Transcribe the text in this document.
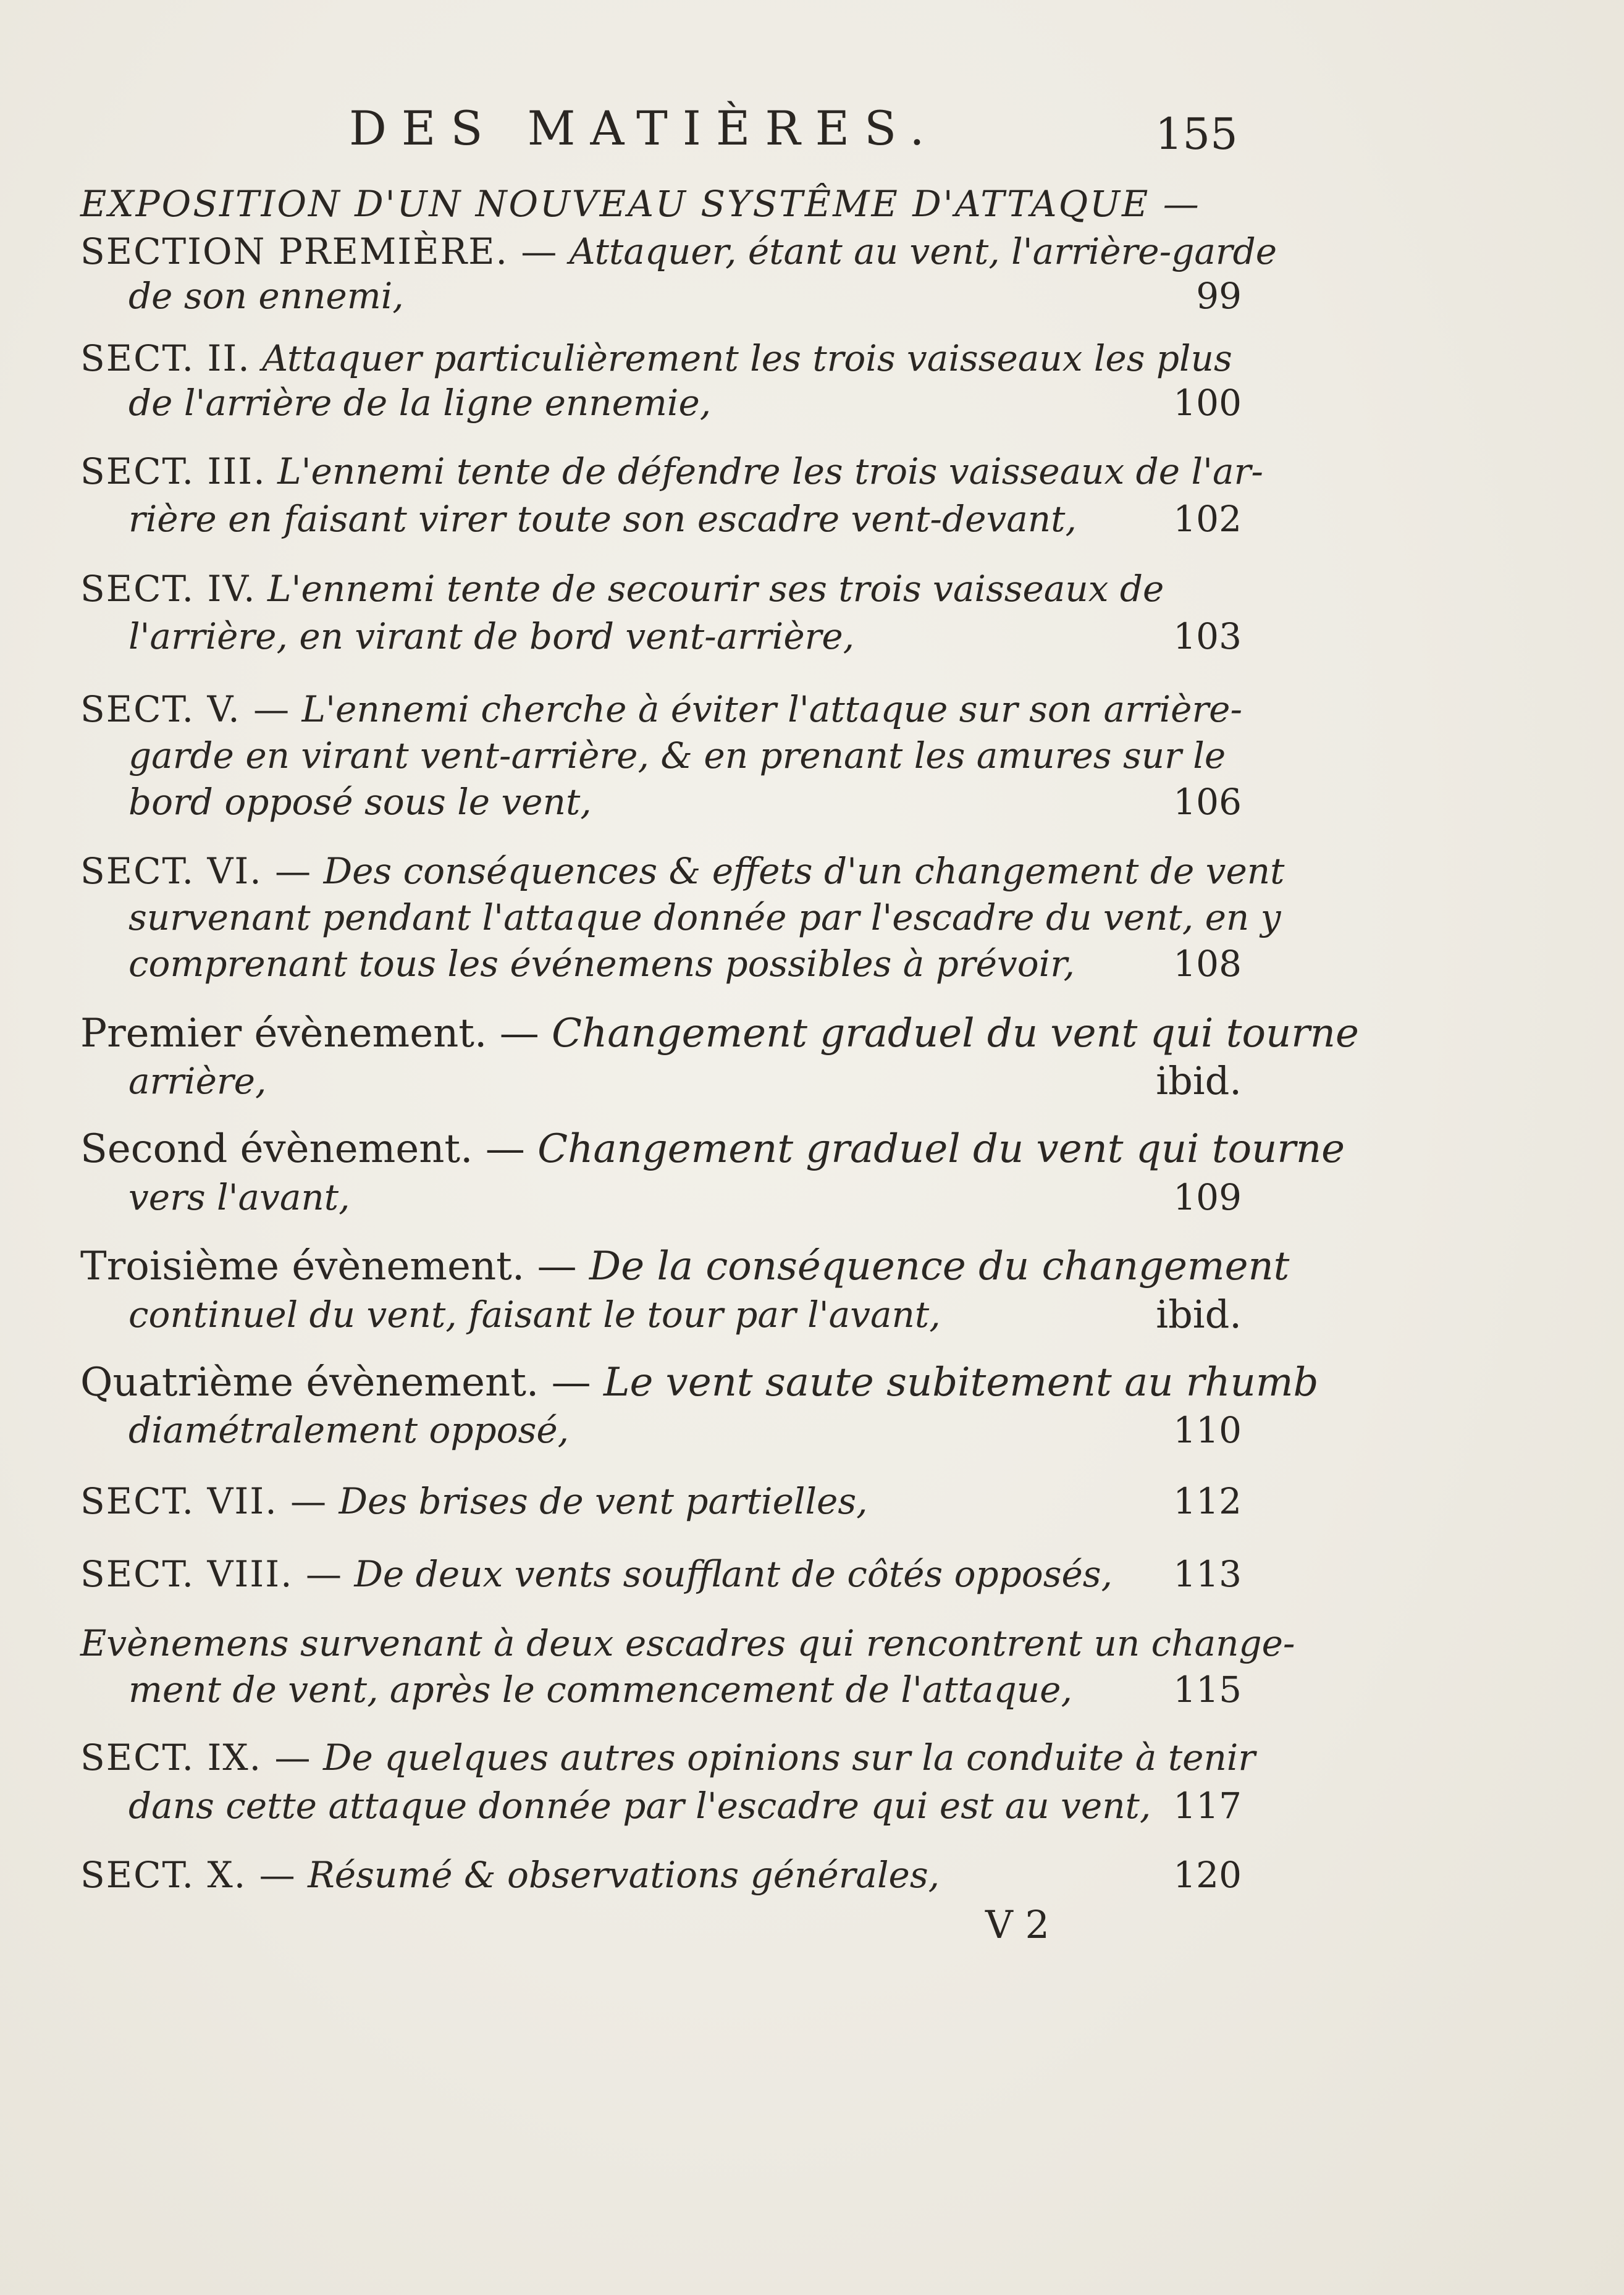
DES MATIÈRES.	155
EXPOSITION D'UN NOUVEAU SYSTÊME D'ATTAQUE —
SECTION PREMIÈRE. — Attaquer, étant au vent, l'arrière-garde
de son ennemi,	99
SECT. II. Attaquer particulièrement les trois vaisseaux les plus
de l'arrière de la ligne ennemie,	100
SECT. III. L'ennemi tente de défendre les trois vaisseaux de l'ar-
rière en faisant virer toute son escadre vent-devant,	102
SECT. IV. L'ennemi tente de secourir ses trois vaisseaux de
l'arrière, en virant de bord vent-arrière,	103
SECT. V. — L'ennemi cherche à éviter l'attaque sur son arrière-
garde en virant vent-arrière, & en prenant les amures sur le
bord opposé sous le vent,	106
SECT. VI. — Des conséquences & effets d'un changement de vent
survenant pendant l'attaque donnée par l'escadre du vent, en y
comprenant tous les événemens possibles à prévoir,	108
Premier évènement. — Changement graduel du vent qui tourne
arrière,	ibid.
Second évènement. — Changement graduel du vent qui tourne
vers l'avant,	109
Troisième évènement. — De la conséquence du changement
continuel du vent, faisant le tour par l'avant,	ibid.
Quatrième évènement. — Le vent saute subitement au rhumb
diamétralement opposé,	110
SECT. VII. — Des brises de vent partielles,	112
SECT. VIII. — De deux vents soufflant de côtés opposés, 113
Evènemens survenant à deux escadres qui rencontrent un change-
ment de vent, après le commencement de l'attaque,	115
SECT. IX. — De quelques autres opinions sur la conduite à tenir
dans cette attaque donnée par l'escadre qui est au vent, 117
SECT. X. — Résumé & observations générales,	120
V 2
